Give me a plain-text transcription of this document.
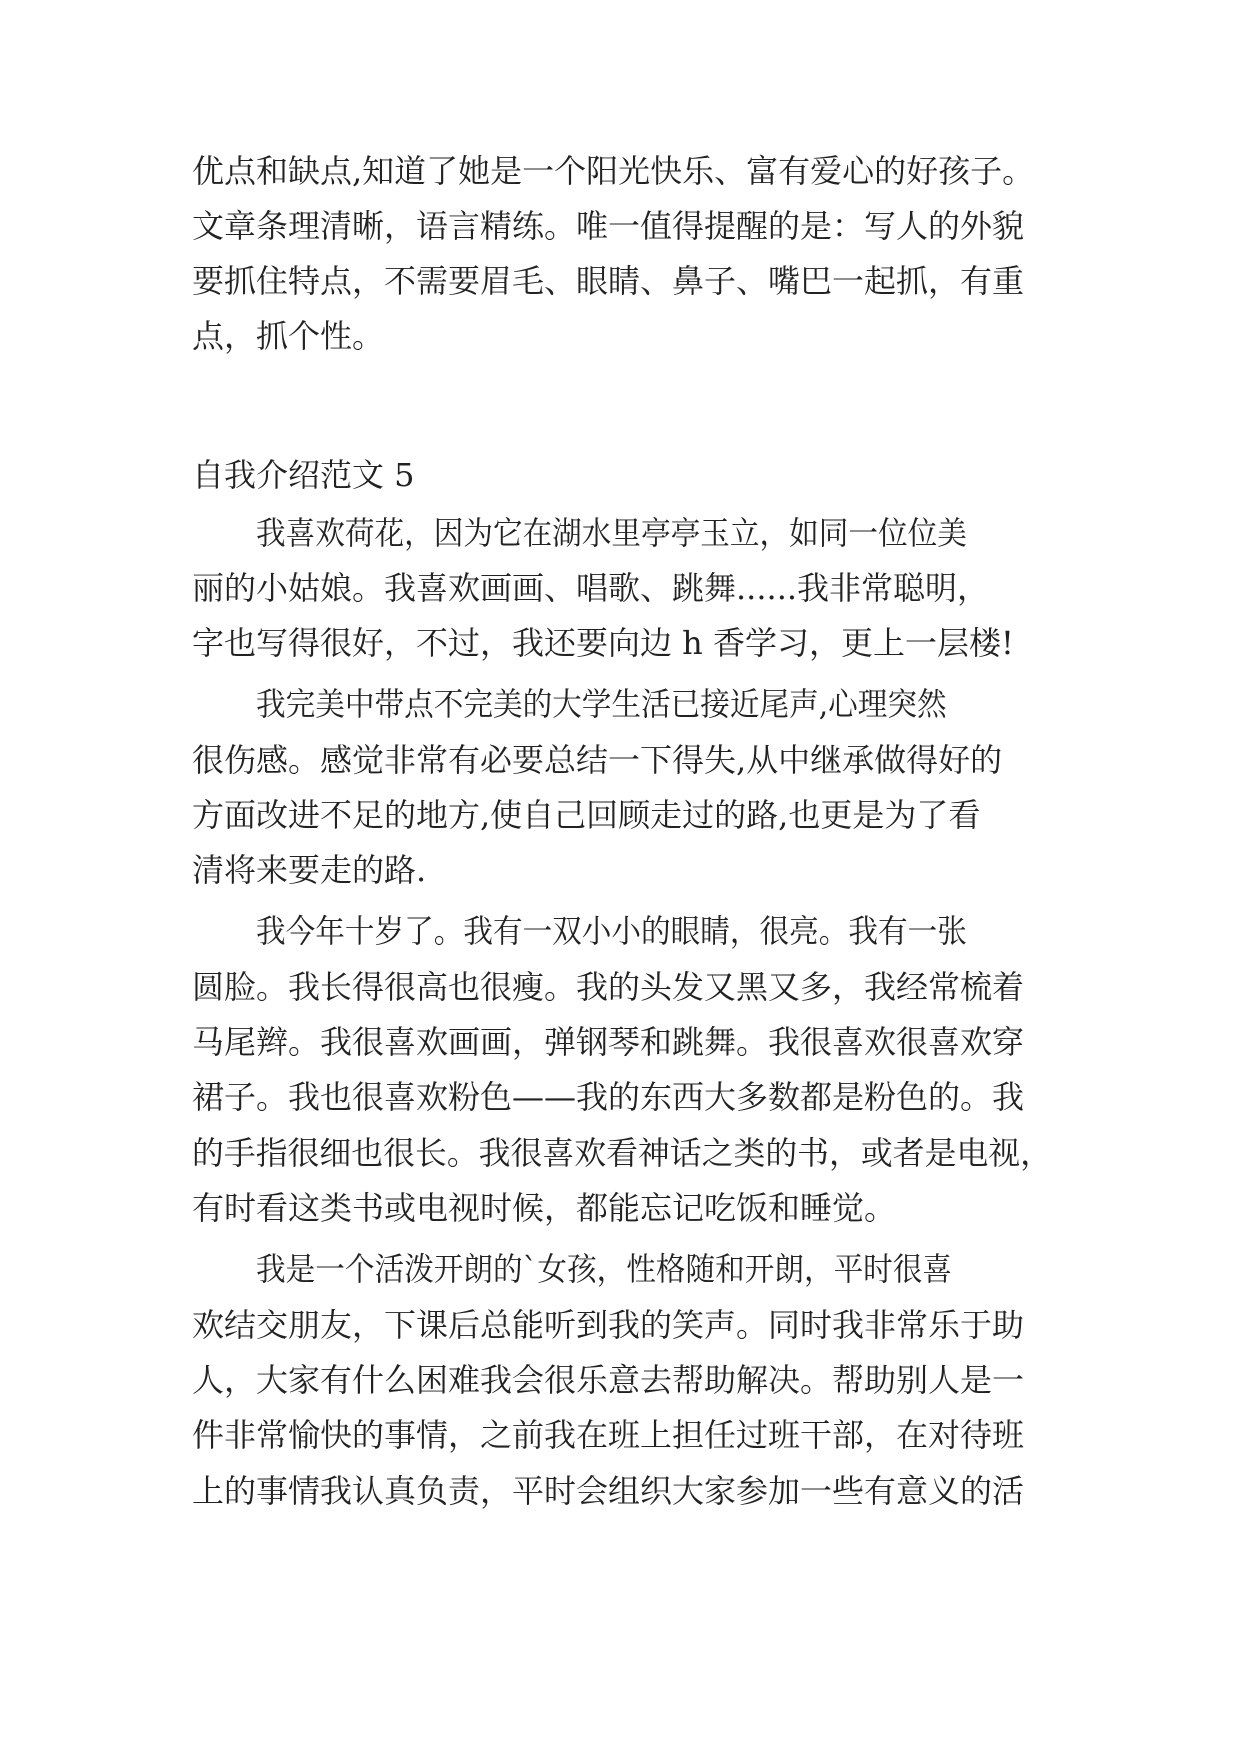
优点和缺点,知道了她是一个阳光快乐、富有爱心的好孩子。
文章条理清晰，语言精练。唯一值得提醒的是：写人的外貌
要抓住特点，不需要眉毛、眼睛、鼻子、嘴巴一起抓，有重
点，抓个性。
自我介绍范文 5
我喜欢荷花，因为它在湖水里亭亭玉立，如同一位位美
丽的小姑娘。我喜欢画画、唱歌、跳舞......我非常聪明，
字也写得很好，不过，我还要向边 h 香学习，更上一层楼!
我完美中带点不完美的大学生活已接近尾声,心理突然
很伤感。感觉非常有必要总结一下得失,从中继承做得好的
方面改进不足的地方,使自己回顾走过的路,也更是为了看
清将来要走的路.
我今年十岁了。我有一双小小的眼睛，很亮。我有一张
圆脸。我长得很高也很瘦。我的头发又黑又多，我经常梳着
马尾辫。我很喜欢画画，弹钢琴和跳舞。我很喜欢很喜欢穿
裙子。我也很喜欢粉色——我的东西大多数都是粉色的。我
的手指很细也很长。我很喜欢看神话之类的书，或者是电视，
有时看这类书或电视时候，都能忘记吃饭和睡觉。
我是一个活泼开朗的`女孩，性格随和开朗，平时很喜
欢结交朋友，下课后总能听到我的笑声。同时我非常乐于助
人，大家有什么困难我会很乐意去帮助解决。帮助别人是一
件非常愉快的事情，之前我在班上担任过班干部，在对待班
上的事情我认真负责，平时会组织大家参加一些有意义的活
